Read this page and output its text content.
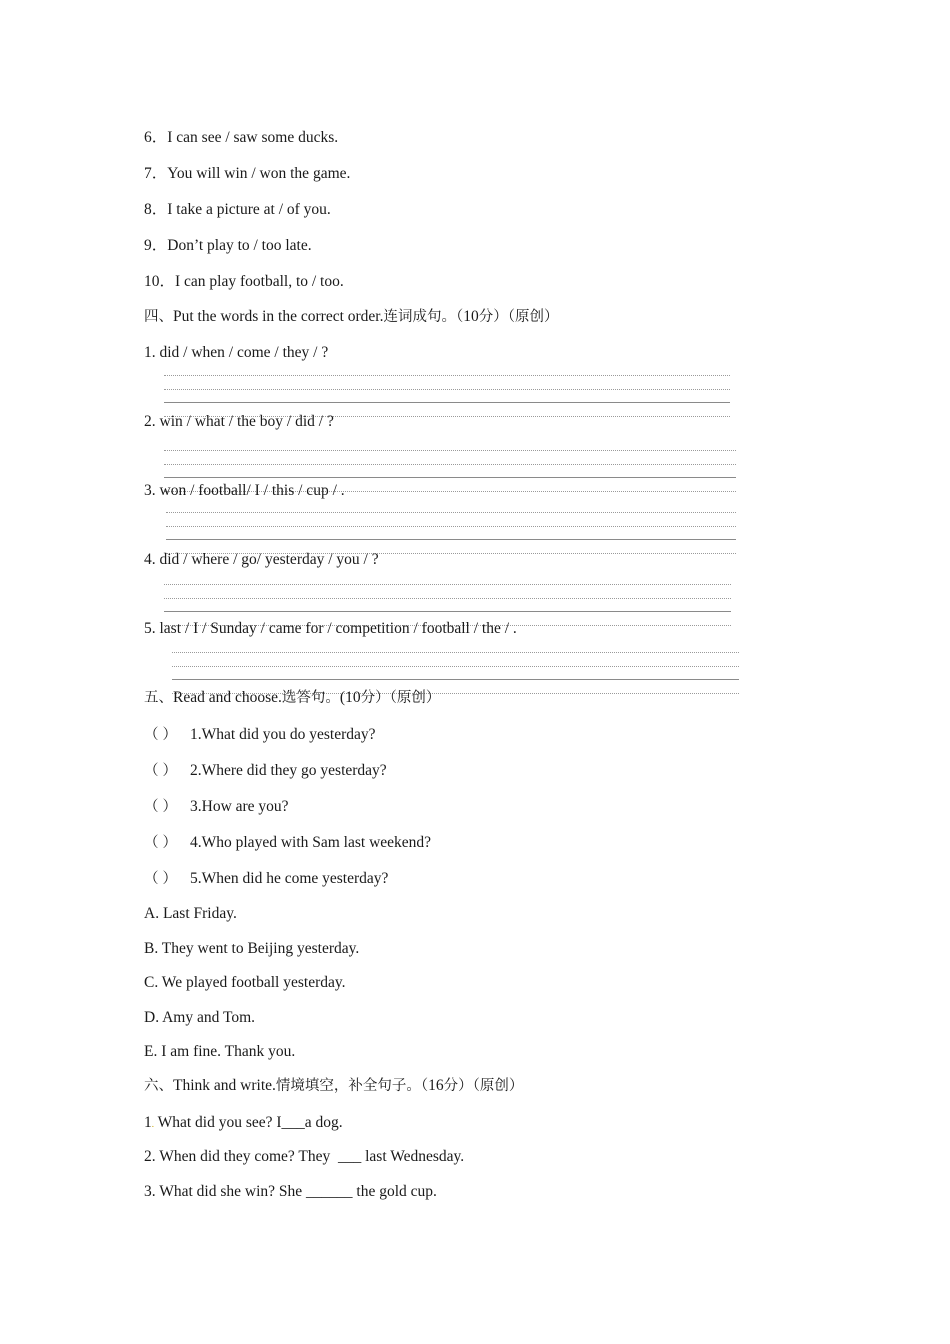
6．I can see / saw some ducks.
7．You will win / won the game.
8．I take a picture at / of you.
9．Don’t play to / too late.
10．I can play football, to / too.
四、Put the words in the correct order.连词成句。（10分）（原创）
1. did / when / come / they / ?
2. win / what / the boy / did / ?
3. won / football/ I / this / cup / .
4. did / where / go/ yesterday / you / ?
5. last / I / Sunday / came for / competition / football / the / .
五、Read and choose.选答句。(10分）（原创）
（ ） 1.What did you do yesterday?
（ ） 2.Where did they go yesterday?
（ ） 3.How are you?
（ ） 4.Who played with Sam last weekend?
（ ） 5.When did he come yesterday?
A. Last Friday.
B. They went to Beijing yesterday.
C. We played football yesterday.
D. Amy and Tom.
E. I am fine. Thank you.
六、Think and write.情境填空，补全句子。（16分）（原创）
1. What did you see? I___a dog.
2. When did they come? They  ___ last Wednesday.
3. What did she win? She ______ the gold cup.
